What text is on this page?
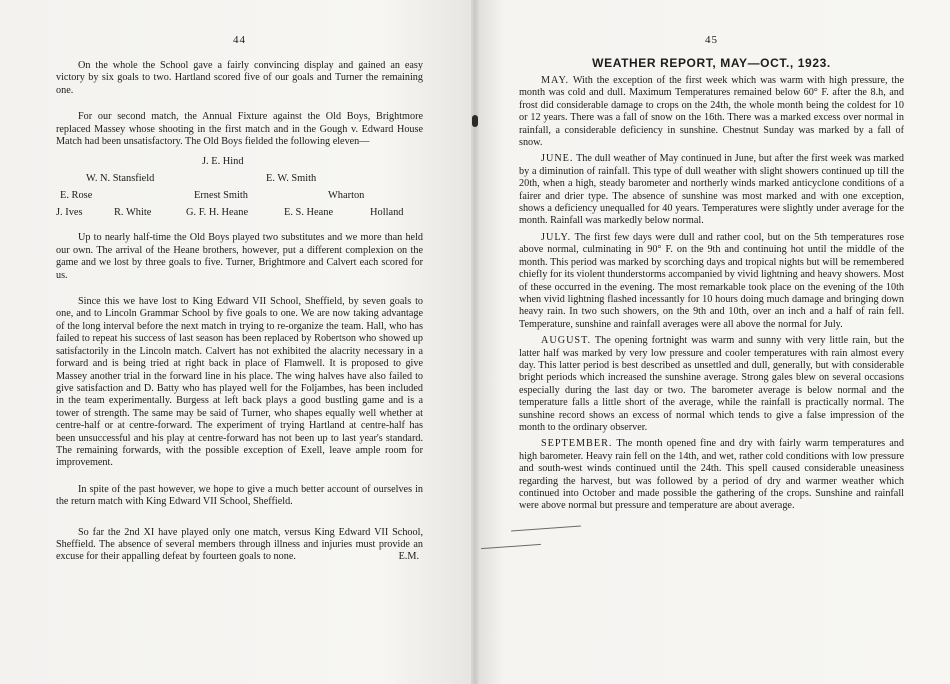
44

On the whole the School gave a fairly convincing display and gained an easy victory by six goals to two. Hartland scored five of our goals and Turner the remaining one.

For our second match, the Annual Fixture against the Old Boys, Brightmore replaced Massey whose shooting in the first match and in the Gough v. Edward House Match had been unsatisfactory. The Old Boys fielded the following eleven—

J. E. Hind
W. N. Stansfield	E. W. Smith
E. Rose	Ernest Smith	Wharton
J. Ives	R. White	G. F. H. Heane	E. S. Heane	Holland

Up to nearly half-time the Old Boys played two substitutes and we more than held our own. The arrival of the Heane brothers, however, put a different complexion on the game and we lost by three goals to five. Turner, Brightmore and Calvert each scored for us.

Since this we have lost to King Edward VII School, Sheffield, by seven goals to one, and to Lincoln Grammar School by five goals to one. We are now taking advantage of the long interval before the next match in trying to re-organize the team. Hall, who has failed to repeat his success of last season has been replaced by Robertson who showed up satisfactorily in the Lincoln match. Calvert has not exhibited the alacrity necessary in a forward and is being tried at right back in place of Flamwell. It is proposed to give Massey another trial in the forward line in his place. The wing halves have also failed to give satisfaction and D. Batty who has played well for the Foljambes, has been included in the team experimentally. Burgess at left back plays a good bustling game and is a tower of strength. The same may be said of Turner, who shapes equally well whether at centre-half or at centre-forward. The experiment of trying Hartland at centre-half has been unsuccessful and his play at centre-forward has not been up to last year's standard. The remaining forwards, with the possible exception of Exell, leave ample room for improvement.

In spite of the past however, we hope to give a much better account of ourselves in the return match with King Edward VII School, Sheffield.

So far the 2nd XI have played only one match, versus King Edward VII School, Sheffield. The absence of several members through illness and injuries must provide an excuse for their appalling defeat by fourteen goals to none.	E.M.

45
WEATHER REPORT, MAY—OCT., 1923.

MAY. With the exception of the first week which was warm with high pressure, the month was cold and dull. Maximum Temperatures remained below 60° F. after the 8.h, and frost did considerable damage to crops on the 24th, the whole month being the coldest for 10 or 12 years. There was a fall of snow on the 16th. There was a marked excess over normal in rainfall, a considerable deficiency in sunshine. Chestnut Sunday was marked by a fall of snow.

JUNE. The dull weather of May continued in June, but after the first week was marked by a diminution of rainfall. This type of dull weather with slight showers continued up till the 20th, when a high, steady barometer and northerly winds marked anticyclone conditions of a fairer and drier type. The absence of sunshine was most marked and with one exception, shows a deficiency unequalled for 40 years. Temperatures were slightly under average for the month. Rainfall was markedly below normal.

JULY. The first few days were dull and rather cool, but on the 5th temperatures rose above normal, culminating in 90° F. on the 9th and continuing hot until the middle of the month. This period was marked by scorching days and tropical nights but will be remembered chiefly for its violent thunderstorms accompanied by vivid lightning and heavy showers. Most of these occurred in the evening. The most remarkable took place on the evening of the 10th when vivid lightning flashed incessantly for 10 hours doing much damage and bringing down heavy rain. In two such showers, on the 9th and 10th, over an inch and a half of rain fell. Temperature, sunshine and rainfall averages were all above the normal for July.

AUGUST. The opening fortnight was warm and sunny with very little rain, but the latter half was marked by very low pressure and cooler temperatures with rain almost every day. This latter period is best described as unsettled and dull, generally, but with considerable bright periods which increased the sunshine average. Strong gales blew on several occasions especially during the last day or two. The barometer average is below normal and the temperature falls a little short of the average, while the rainfall is practically normal. The sunshine record shows an excess of normal which tends to give a false impression of the month to the ordinary observer.

SEPTEMBER. The month opened fine and dry with fairly warm temperatures and high barometer. Heavy rain fell on the 14th, and wet, rather cold conditions with low pressure and south-west winds continued until the 24th. This spell caused considerable uneasiness regarding the harvest, but was followed by a period of dry and warmer weather which continued into October and made possible the gathering of the crops. Sunshine and rainfall were above normal but pressure and temperature are about average.
